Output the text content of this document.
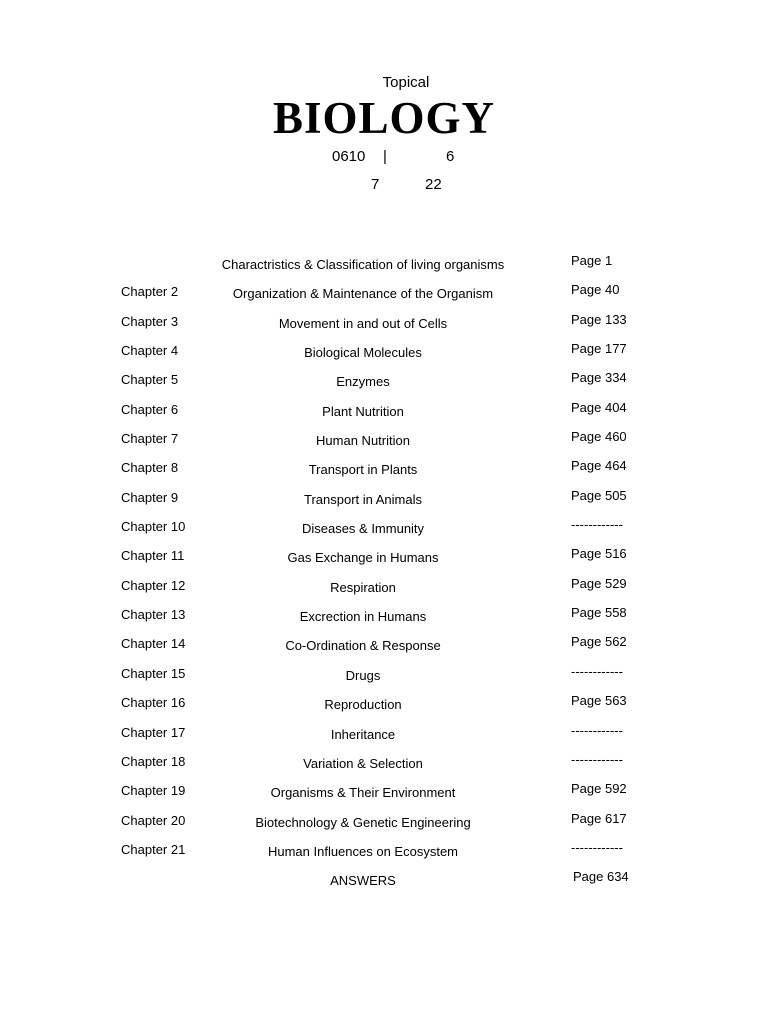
Topical
BIOLOGY
0610 |	6
7	22
Charactristics & Classification of living organisms	Page 1
Chapter 2	Organization & Maintenance of the Organism	Page 40
Chapter 3	Movement in and out of Cells	Page 133
Chapter 4	Biological Molecules	Page 177
Chapter 5	Enzymes	Page 334
Chapter 6	Plant Nutrition	Page 404
Chapter 7	Human Nutrition	Page 460
Chapter 8	Transport in Plants	Page 464
Chapter 9	Transport in Animals	Page 505
Chapter 10	Diseases & Immunity	------------
Chapter 11	Gas Exchange in Humans	Page 516
Chapter 12	Respiration	Page 529
Chapter 13	Excrection in Humans	Page 558
Chapter 14	Co-Ordination & Response	Page 562
Chapter 15	Drugs	------------
Chapter 16	Reproduction	Page 563
Chapter 17	Inheritance	------------
Chapter 18	Variation & Selection	------------
Chapter 19	Organisms & Their Environment	Page 592
Chapter 20	Biotechnology & Genetic Engineering	Page 617
Chapter 21	Human Influences on Ecosystem	------------
ANSWERS	Page 634
